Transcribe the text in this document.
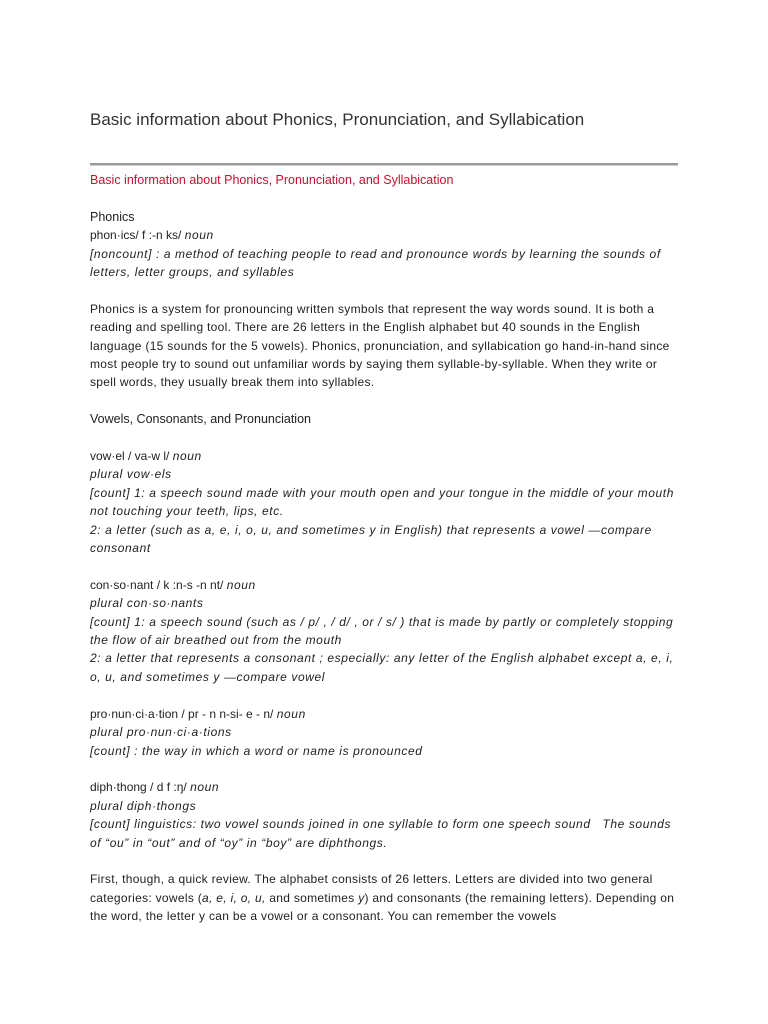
Basic information about Phonics, Pronunciation, and Syllabication

Basic information about Phonics, Pronunciation, and Syllabication

Phonics

phon·ics/ f :-n ks/ noun

[noncount] : a method of teaching people to read and pronounce words by learning the sounds of letters, letter groups, and syllables

Phonics is a system for pronouncing written symbols that represent the way words sound. It is both a reading and spelling tool. There are 26 letters in the English alphabet but 40 sounds in the English language (15 sounds for the 5 vowels). Phonics, pronunciation, and syllabication go hand-in-hand since most people try to sound out unfamiliar words by saying them syllable-by-syllable. When they write or spell words, they usually break them into syllables.

Vowels, Consonants, and Pronunciation

vow·el / va-w l/ noun

plural vow·els

[count] 1: a speech sound made with your mouth open and your tongue in the middle of your mouth not touching your teeth, lips, etc.

2: a letter (such as a, e, i, o, u, and sometimes y in English) that represents a vowel —compare consonant

con·so·nant / k :n-s -n nt/ noun

plural con·so·nants

[count] 1: a speech sound (such as / p/ , / d/ , or / s/ ) that is made by partly or completely stopping the flow of air breathed out from the mouth

2: a letter that represents a consonant ; especially: any letter of the English alphabet except a, e, i, o, u, and sometimes y —compare vowel

pro·nun·ci·a·tion / pr - n n-si- e - n/ noun

plural pro·nun·ci·a·tions

[count] : the way in which a word or name is pronounced

diph·thong / d f :ŋ/ noun

plural diph·thongs

[count] linguistics: two vowel sounds joined in one syllable to form one speech sound The sounds of “ou” in “out” and of “oy” in “boy” are diphthongs.

First, though, a quick review. The alphabet consists of 26 letters. Letters are divided into two general categories: vowels (a, e, i, o, u, and sometimes y) and consonants (the remaining letters). Depending on the word, the letter y can be a vowel or a consonant. You can remember the vowels
